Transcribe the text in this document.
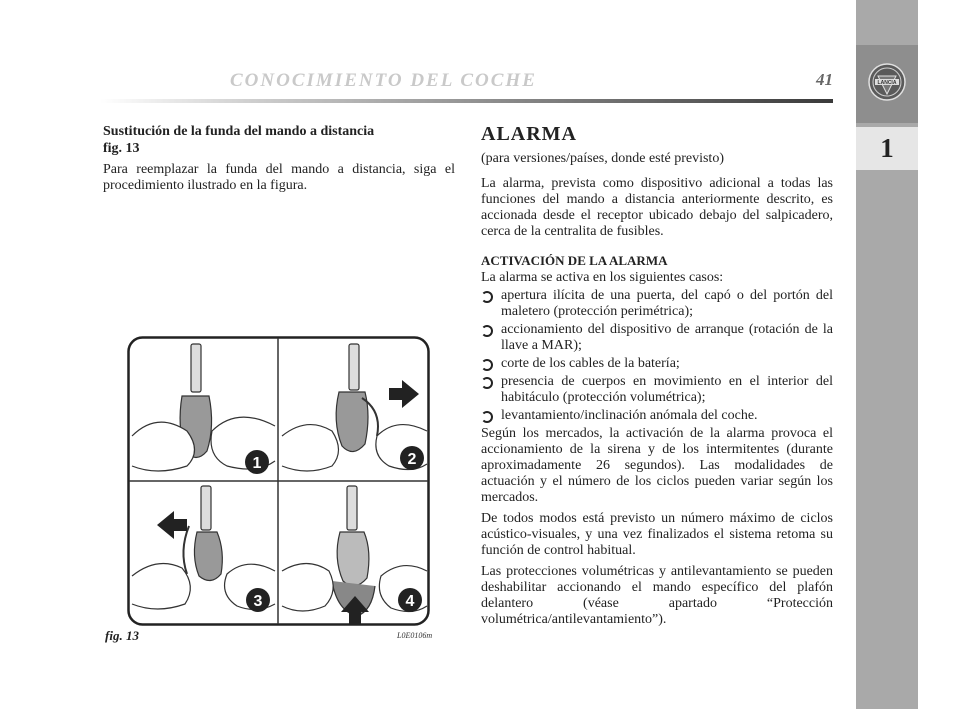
LANCIA
1
CONOCIMIENTO DEL COCHE	41

Sustitución de la funda del mando a distancia
fig. 13

Para reemplazar la funda del mando a distancia, siga el procedimiento ilustrado en la figura.

1	2
3	4
fig. 13	L0E0106m
ALARMA

(para versiones/países, donde esté previsto)

La alarma, prevista como dispositivo adicional a todas las funciones del mando a distancia anteriormente descrito, es accionada desde el receptor ubicado debajo del salpicadero, cerca de la centralita de fusibles.

ACTIVACIÓN DE LA ALARMA

La alarma se activa en los siguientes casos:

apertura ilícita de una puerta, del capó o del portón del maletero (protección perimétrica);
accionamiento del dispositivo de arranque (rotación de la llave a MAR);
corte de los cables de la batería;
presencia de cuerpos en movimiento en el interior del habitáculo (protección volumétrica);
levantamiento/inclinación anómala del coche.

Según los mercados, la activación de la alarma provoca el accionamiento de la sirena y de los intermitentes (durante aproximadamente 26 segundos). Las modalidades de actuación y el número de los ciclos pueden variar según los mercados.

De todos modos está previsto un número máximo de ciclos acústico-visuales, y una vez finalizados el sistema retoma su función de control habitual.

Las protecciones volumétricas y antilevantamiento se pueden deshabilitar accionando el mando específico del plafón delantero (véase apartado “Protección volumétrica/antilevantamiento”).
